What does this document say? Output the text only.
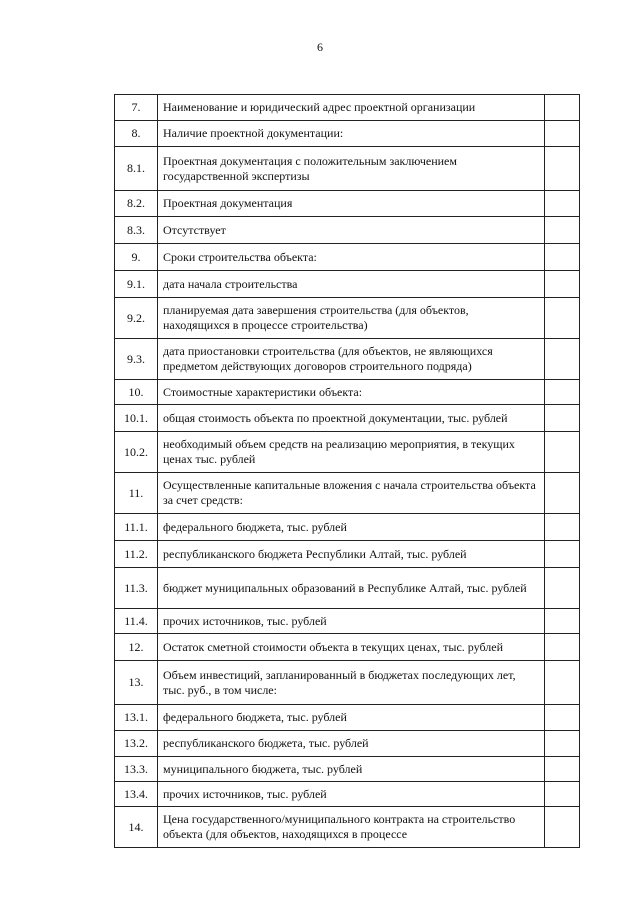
6
7.	Наименование и юридический адрес проектной организации	
8.	Наличие проектной документации:	
8.1.	Проектная документация с положительным заключением государственной экспертизы	
8.2.	Проектная документация	
8.3.	Отсутствует	
9.	Сроки строительства объекта:	
9.1.	дата начала строительства	
9.2.	планируемая дата завершения строительства (для объектов, находящихся в процессе строительства)	
9.3.	дата приостановки строительства (для объектов, не являющихся предметом действующих договоров строительного подряда)	
10.	Стоимостные характеристики объекта:	
10.1.	общая стоимость объекта по проектной документации, тыс. рублей	
10.2.	необходимый объем средств на реализацию мероприятия, в текущих ценах тыс. рублей	
11.	Осуществленные капитальные вложения с начала строительства объекта за счет средств:	
11.1.	федерального бюджета, тыс. рублей	
11.2.	республиканского бюджета Республики Алтай, тыс. рублей	
11.3.	бюджет муниципальных образований в Республике Алтай, тыс. рублей	
11.4.	прочих источников, тыс. рублей	
12.	Остаток сметной стоимости объекта в текущих ценах, тыс. рублей	
13.	Объем инвестиций, запланированный в бюджетах последующих лет, тыс. руб., в том числе:	
13.1.	федерального бюджета, тыс. рублей	
13.2.	республиканского бюджета, тыс. рублей	
13.3.	муниципального бюджета, тыс. рублей	
13.4.	прочих источников, тыс. рублей	
14.	Цена государственного/муниципального контракта на строительство объекта (для объектов, находящихся в процессе	
